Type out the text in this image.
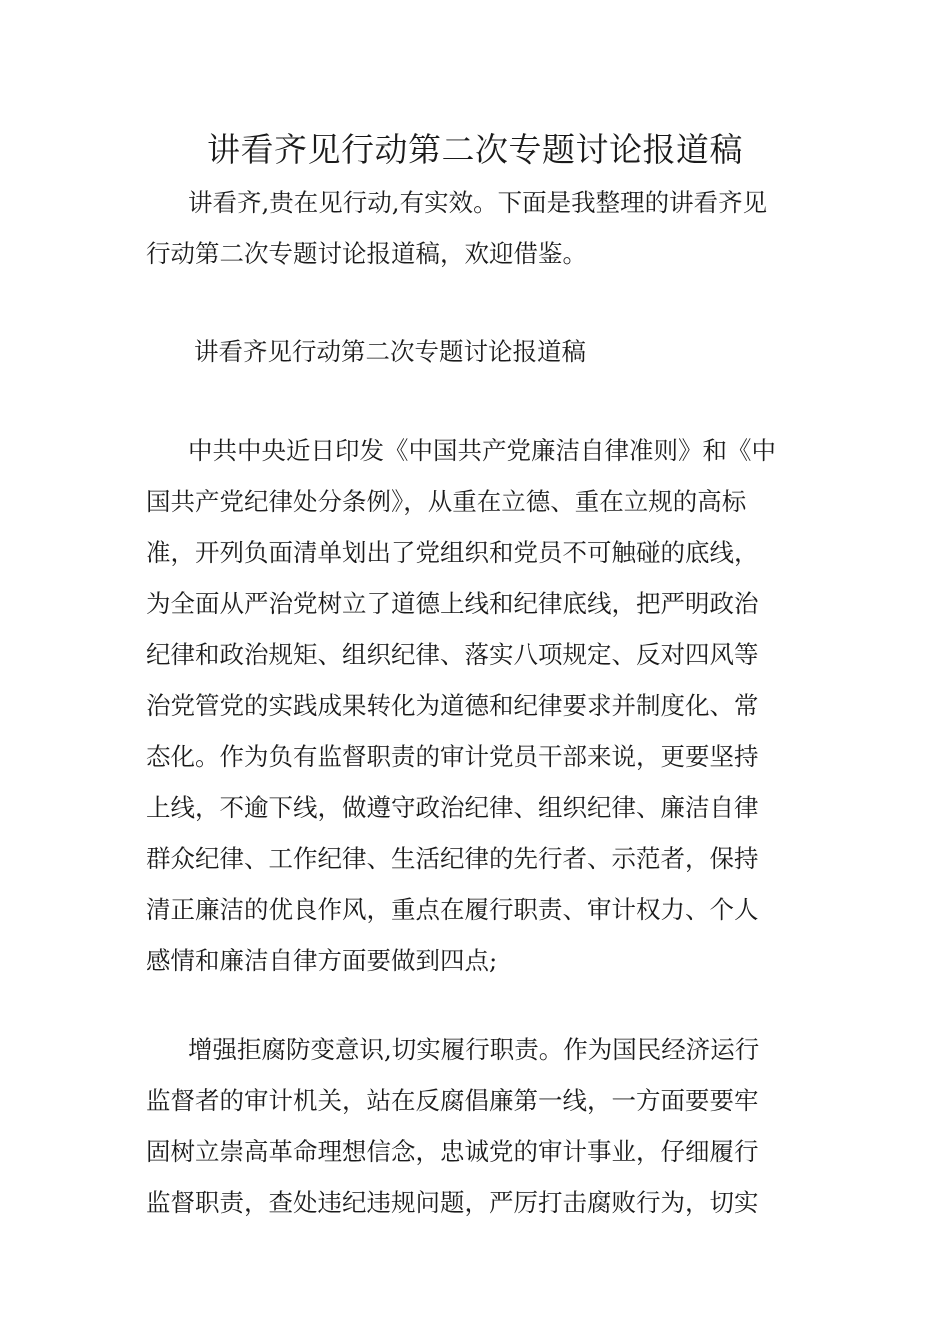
讲看齐见行动第二次专题讨论报道稿

讲看齐,贵在见行动,有实效。下面是我整理的讲看齐见
行动第二次专题讨论报道稿，欢迎借鉴。

讲看齐见行动第二次专题讨论报道稿

中共中央近日印发《中国共产党廉洁自律准则》和《中
国共产党纪律处分条例》，从重在立德、重在立规的高标
准，开列负面清单划出了党组织和党员不可触碰的底线，
为全面从严治党树立了道德上线和纪律底线，把严明政治
纪律和政治规矩、组织纪律、落实八项规定、反对四风等
治党管党的实践成果转化为道德和纪律要求并制度化、常
态化。作为负有监督职责的审计党员干部来说，更要坚持
上线，不逾下线，做遵守政治纪律、组织纪律、廉洁自律
群众纪律、工作纪律、生活纪律的先行者、示范者，保持
清正廉洁的优良作风，重点在履行职责、审计权力、个人
感情和廉洁自律方面要做到四点;

增强拒腐防变意识,切实履行职责。作为国民经济运行
监督者的审计机关，站在反腐倡廉第一线，一方面要要牢
固树立崇高革命理想信念，忠诚党的审计事业，仔细履行
监督职责，查处违纪违规问题，严厉打击腐败行为，切实
